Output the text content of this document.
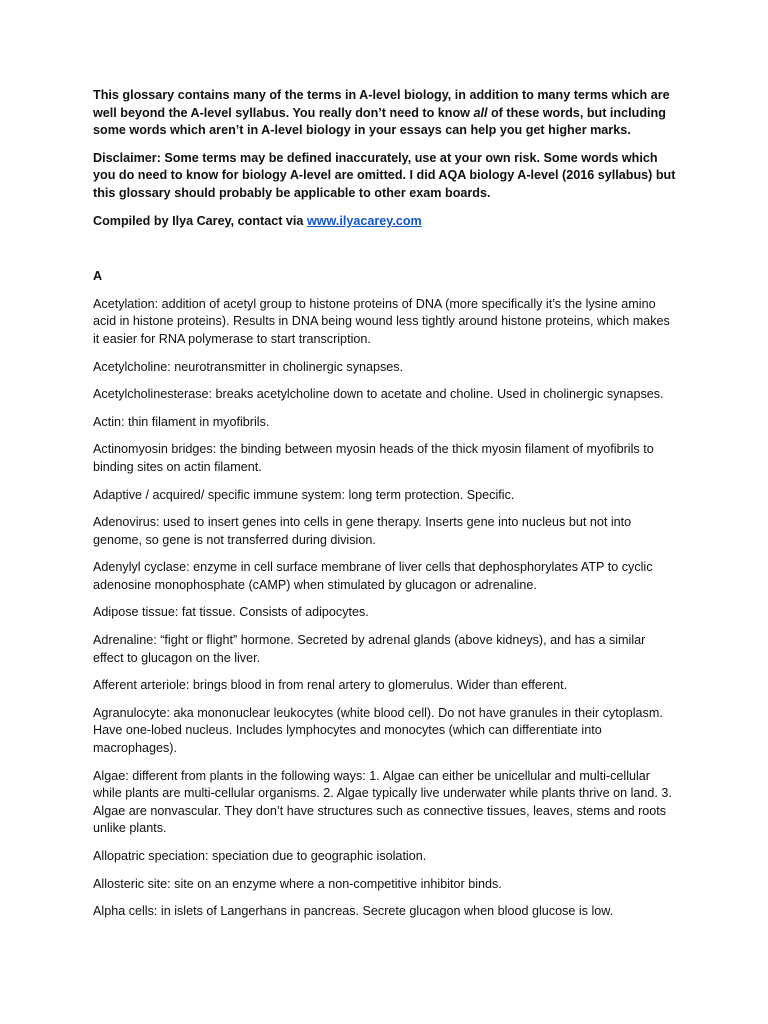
This glossary contains many of the terms in A-level biology, in addition to many terms which are well beyond the A-level syllabus. You really don’t need to know all of these words, but including some words which aren’t in A-level biology in your essays can help you get higher marks.

Disclaimer: Some terms may be defined inaccurately, use at your own risk. Some words which you do need to know for biology A-level are omitted. I did AQA biology A-level (2016 syllabus) but this glossary should probably be applicable to other exam boards.

Compiled by Ilya Carey, contact via www.ilyacarey.com

A

Acetylation: addition of acetyl group to histone proteins of DNA (more specifically it’s the lysine amino acid in histone proteins). Results in DNA being wound less tightly around histone proteins, which makes it easier for RNA polymerase to start transcription.

Acetylcholine: neurotransmitter in cholinergic synapses.

Acetylcholinesterase: breaks acetylcholine down to acetate and choline. Used in cholinergic synapses.

Actin: thin filament in myofibrils.

Actinomyosin bridges: the binding between myosin heads of the thick myosin filament of myofibrils to binding sites on actin filament.

Adaptive / acquired/ specific immune system: long term protection. Specific.

Adenovirus: used to insert genes into cells in gene therapy. Inserts gene into nucleus but not into genome, so gene is not transferred during division.

Adenylyl cyclase: enzyme in cell surface membrane of liver cells that dephosphorylates ATP to cyclic adenosine monophosphate (cAMP) when stimulated by glucagon or adrenaline.

Adipose tissue: fat tissue. Consists of adipocytes.

Adrenaline: “fight or flight” hormone. Secreted by adrenal glands (above kidneys), and has a similar effect to glucagon on the liver.

Afferent arteriole: brings blood in from renal artery to glomerulus. Wider than efferent.

Agranulocyte: aka mononuclear leukocytes (white blood cell). Do not have granules in their cytoplasm. Have one-lobed nucleus. Includes lymphocytes and monocytes (which can differentiate into macrophages).

Algae: different from plants in the following ways: 1. Algae can either be unicellular and multi-cellular while plants are multi-cellular organisms. 2. Algae typically live underwater while plants thrive on land. 3. Algae are nonvascular. They don’t have structures such as connective tissues, leaves, stems and roots unlike plants.

Allopatric speciation: speciation due to geographic isolation.

Allosteric site: site on an enzyme where a non-competitive inhibitor binds.

Alpha cells: in islets of Langerhans in pancreas. Secrete glucagon when blood glucose is low.
